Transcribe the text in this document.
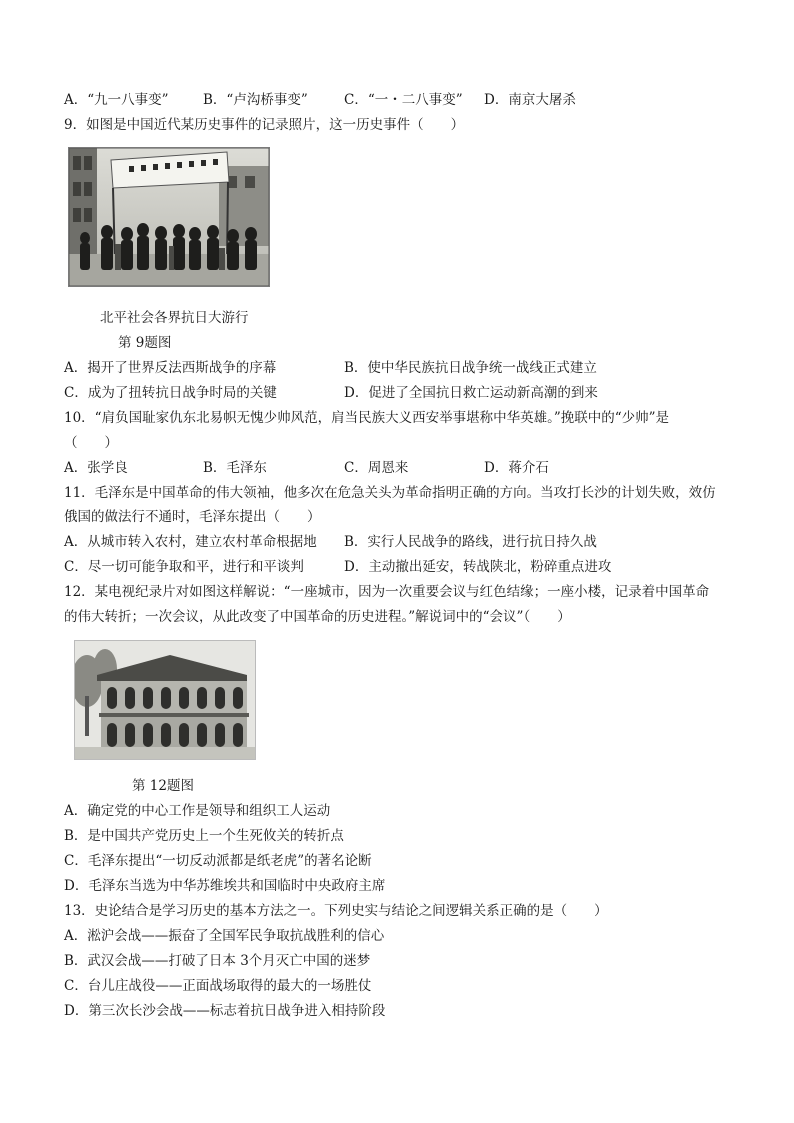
A．“九一八事变”	B．“卢沟桥事变”	C．“一・二八事变” D．南京大屠杀
9．如图是中国近代某历史事件的记录照片，这一历史事件（　　）
北平社会各界抗日大游行
第 9题图
A．揭开了世界反法西斯战争的序幕	B．使中华民族抗日战争统一战线正式建立
C．成为了扭转抗日战争时局的关键	D．促进了全国抗日救亡运动新高潮的到来
10．“肩负国耻家仇东北易帜无愧少帅风范，肩当民族大义西安举事堪称中华英雄。”挽联中的“少帅”是
（　　）
A．张学良	B．毛泽东	C．周恩来	D．蒋介石
11．毛泽东是中国革命的伟大领袖，他多次在危急关头为革命指明正确的方向。当攻打长沙的计划失败，效仿
俄国的做法行不通时，毛泽东提出（　　）
A．从城市转入农村，建立农村革命根据地 B．实行人民战争的路线，进行抗日持久战
C．尽一切可能争取和平，进行和平谈判	D．主动撤出延安，转战陕北，粉碎重点进攻
12．某电视纪录片对如图这样解说：“一座城市，因为一次重要会议与红色结缘；一座小楼，记录着中国革命
的伟大转折；一次会议，从此改变了中国革命的历史进程。”解说词中的“会议”（　　）
第 12题图
A．确定党的中心工作是领导和组织工人运动
B．是中国共产党历史上一个生死攸关的转折点
C．毛泽东提出“一切反动派都是纸老虎”的著名论断
D．毛泽东当选为中华苏维埃共和国临时中央政府主席
13．史论结合是学习历史的基本方法之一。下列史实与结论之间逻辑关系正确的是（　　）
A．淞沪会战——振奋了全国军民争取抗战胜利的信心
B．武汉会战——打破了日本 3个月灭亡中国的迷梦
C．台儿庄战役——正面战场取得的最大的一场胜仗
D．第三次长沙会战——标志着抗日战争进入相持阶段
